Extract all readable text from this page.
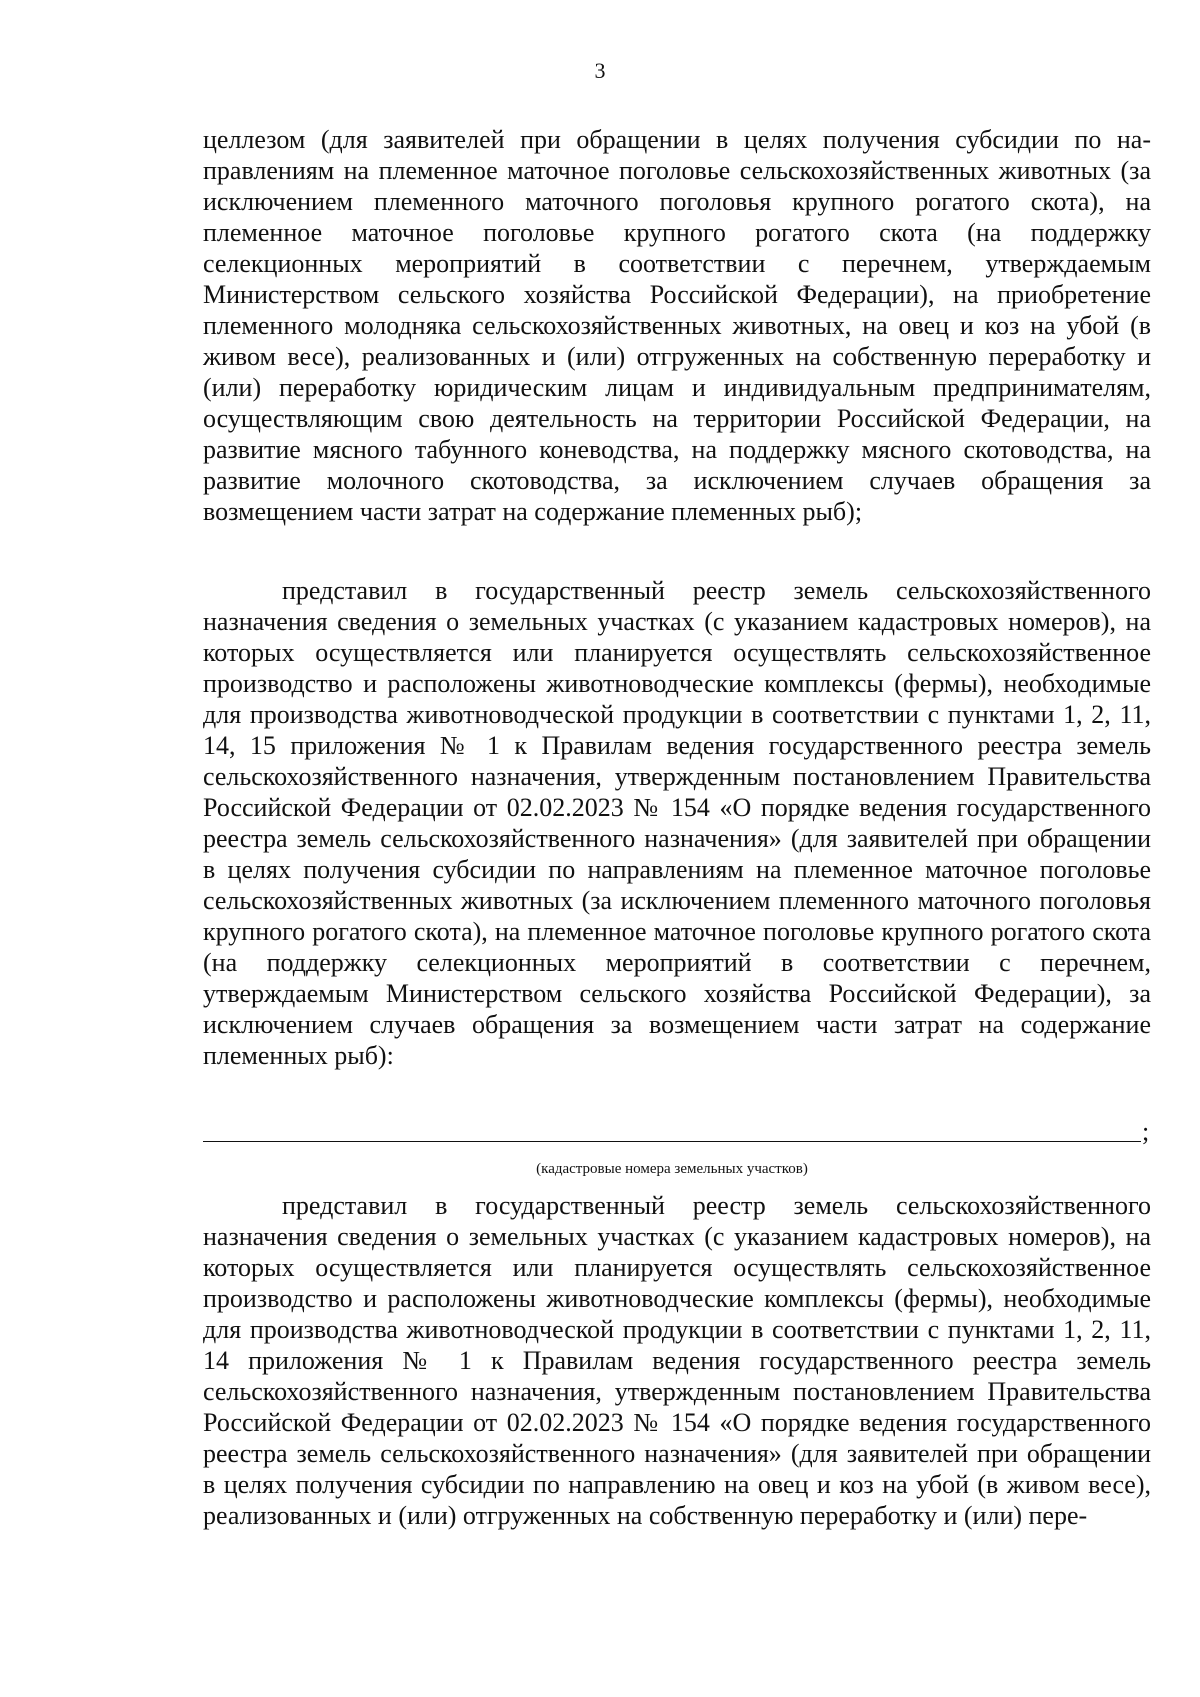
3
целлезом (для заявителей при обращении в целях получения субсидии по направлениям на племенное маточное поголовье сельскохозяйственных животных (за исключением племенного маточного поголовья крупного рогатого скота), на племенное маточное поголовье крупного рогатого скота (на поддержку селекционных мероприятий в соответствии с перечнем, утверждаемым Министерством сельского хозяйства Российской Федерации), на приобретение племенного молодняка сельскохозяйственных животных, на овец и коз на убой (в живом весе), реализованных и (или) отгруженных на собственную переработку и (или) переработку юридическим лицам и индивидуальным предпринимателям, осуществляющим свою деятельность на территории Российской Федерации, на развитие мясного табунного коневодства, на поддержку мясного скотоводства, на развитие молочного скотоводства, за исключением случаев обращения за возмещением части затрат на содержание племенных рыб);
представил в государственный реестр земель сельскохозяйственного назначения сведения о земельных участках (с указанием кадастровых номеров), на которых осуществляется или планируется осуществлять сельскохозяйственное производство и расположены животноводческие комплексы (фермы), необходимые для производства животноводческой продукции в соответствии с пунктами 1, 2, 11, 14, 15 приложения № 1 к Правилам ведения государственного реестра земель сельскохозяйственного назначения, утвержденным постановлением Правительства Российской Федерации от 02.02.2023 № 154 «О порядке ведения государственного реестра земель сельскохозяйственного назначения» (для заявителей при обращении в целях получения субсидии по направлениям на племенное маточное поголовье сельскохозяйственных животных (за исключением племенного маточного поголовья крупного рогатого скота), на племенное маточное поголовье крупного рогатого скота (на поддержку селекционных мероприятий в соответствии с перечнем, утверждаемым Министерством сельского хозяйства Российской Федерации), за исключением случаев обращения за возмещением части затрат на содержание племенных рыб):
;
(кадастровые номера земельных участков)
представил в государственный реестр земель сельскохозяйственного назначения сведения о земельных участках (с указанием кадастровых номеров), на которых осуществляется или планируется осуществлять сельскохозяйственное производство и расположены животноводческие комплексы (фермы), необходимые для производства животноводческой продукции в соответствии с пунктами 1, 2, 11, 14 приложения № 1 к Правилам ведения государственного реестра земель сельскохозяйственного назначения, утвержденным постановлением Правительства Российской Федерации от 02.02.2023 № 154 «О порядке ведения государственного реестра земель сельскохозяйственного назначения» (для заявителей при обращении в целях получения субсидии по направлению на овец и коз на убой (в живом весе), реализованных и (или) отгруженных на собственную переработку и (или) пере-
